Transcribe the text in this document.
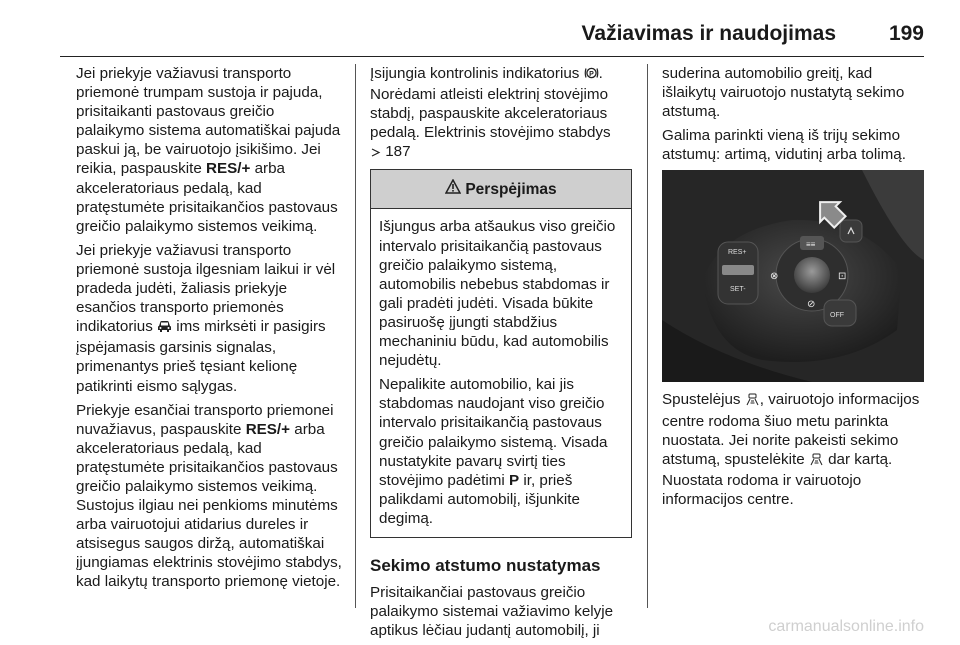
Važiavimas ir naudojimas	199

Jei priekyje važiavusi transporto priemonė trumpam sustoja ir pajuda, prisitaikanti pastovaus greičio palaikymo sistema automatiškai pajuda paskui ją, be vairuotojo įsikišimo. Jei reikia, paspauskite RES/+ arba akceleratoriaus pedalą, kad pratęstumėte prisitaikančios pastovaus greičio palaikymo sistemos veikimą.

Jei priekyje važiavusi transporto priemonė sustoja ilgesniam laikui ir vėl pradeda judėti, žaliasis priekyje esančios transporto priemonės indikatorius  ims mirksėti ir pasigirs įspėjamasis garsinis signalas, primenantys prieš tęsiant kelionę patikrinti eismo sąlygas.

Priekyje esančiai transporto priemonei nuvažiavus, paspauskite RES/+ arba akceleratoriaus pedalą, kad pratęstumėte prisitaikančios pastovaus greičio palaikymo sistemos veikimą. Sustojus ilgiau nei penkioms minutėms arba vairuotojui atidarius dureles ir atsisegus saugos diržą, automatiškai įjungiamas elektrinis stovėjimo stabdys, kad laikytų transporto priemonę vietoje.

Įsijungia kontrolinis indikatorius P . Norėdami atleisti elektrinį stovėjimo stabdį, paspauskite akceleratoriaus pedalą. Elektrinis stovėjimo stabdys
187

Perspėjimas

Išjungus arba atšaukus viso greičio intervalo prisitaikančią pastovaus greičio palaikymo sistemą, automobilis nebebus stabdomas ir gali pradėti judėti. Visada būkite pasiruošę įjungti stabdžius mechaniniu būdu, kad automobilis nejudėtų.

Nepalikite automobilio, kai jis stabdomas naudojant viso greičio intervalo prisitaikančią pastovaus greičio palaikymo sistemą. Visada nustatykite pavarų svirtį ties stovėjimo padėtimi P ir, prieš palikdami automobilį, išjunkite degimą.

Sekimo atstumo nustatymas

Prisitaikančiai pastovaus greičio palaikymo sistemai važiavimo kelyje aptikus lėčiau judantį automobilį, ji

suderina automobilio greitį, kad išlaikytų vairuotojo nustatytą sekimo atstumą.

Galima parinkti vieną iš trijų sekimo atstumų: artimą, vidutinį arba tolimą.

RES+
SET-
≡≡
⊗	⊡
⊘
OFF

Spustelėjus , vairuotojo informacijos centre rodoma šiuo metu parinkta nuostata. Jei norite pakeisti sekimo atstumą, spustelėkite  dar kartą. Nuostata rodoma ir vairuotojo informacijos centre.

carmanualsonline.info
